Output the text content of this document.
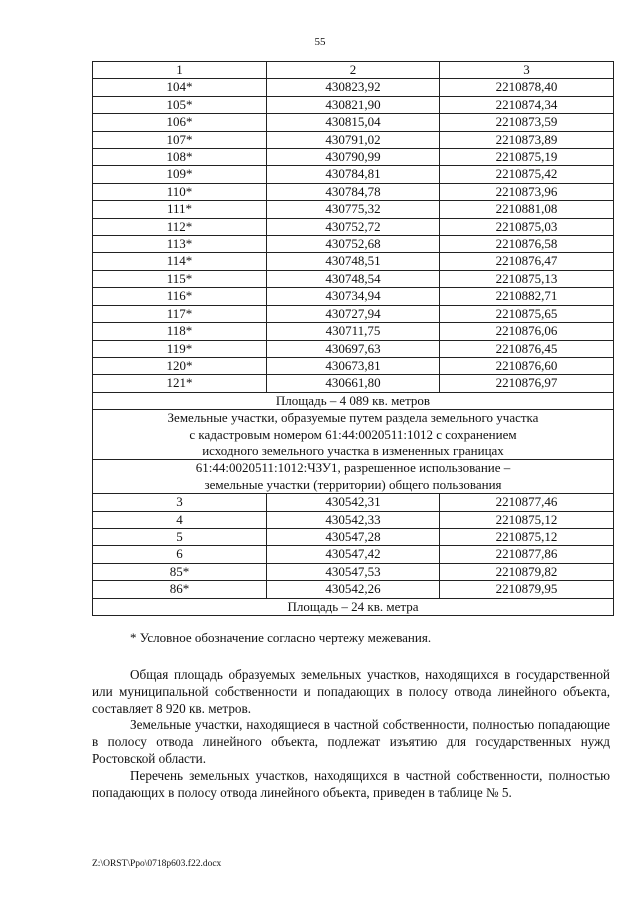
55
1	2	3
104*	430823,92	2210878,40
105*	430821,90	2210874,34
106*	430815,04	2210873,59
107*	430791,02	2210873,89
108*	430790,99	2210875,19
109*	430784,81	2210875,42
110*	430784,78	2210873,96
111*	430775,32	2210881,08
112*	430752,72	2210875,03
113*	430752,68	2210876,58
114*	430748,51	2210876,47
115*	430748,54	2210875,13
116*	430734,94	2210882,71
117*	430727,94	2210875,65
118*	430711,75	2210876,06
119*	430697,63	2210876,45
120*	430673,81	2210876,60
121*	430661,80	2210876,97
Площадь – 4 089 кв. метров		

Земельные участки, образуемые путем раздела земельного участка
с кадастровым номером 61:44:0020511:1012 с сохранением
исходного земельного участка в измененных границах		

61:44:0020511:1012:ЧЗУ1, разрешенное использование –
земельные участки (территории) общего пользования		

3	430542,31	2210877,46
4	430542,33	2210875,12
5	430547,28	2210875,12
6	430547,42	2210877,86
85*	430547,53	2210879,82
86*	430542,26	2210879,95
Площадь – 24 кв. метра		
* Условное обозначение согласно чертежу межевания.
Общая площадь образуемых земельных участков, находящихся в государственной или муниципальной собственности и попадающих в полосу отвода линейного объекта, составляет 8 920 кв. метров.
Земельные участки, находящиеся в частной собственности, полностью попадающие в полосу отвода линейного объекта, подлежат изъятию для государственных нужд Ростовской области.
Перечень земельных участков, находящихся в частной собственности, полностью попадающих в полосу отвода линейного объекта, приведен в таблице № 5.
Z:\ORST\Ppo\0718p603.f22.docx
